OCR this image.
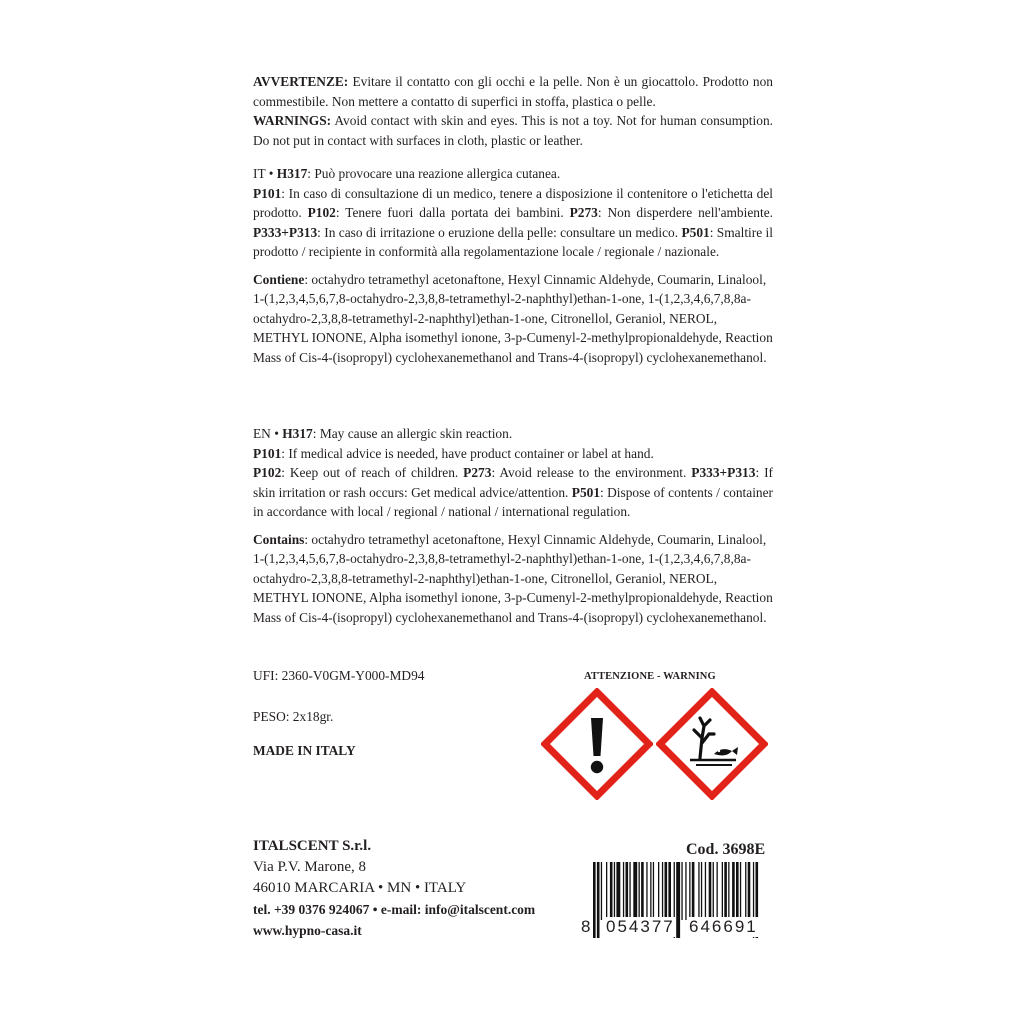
AVVERTENZE: Evitare il contatto con gli occhi e la pelle. Non è un giocattolo. Prodotto non commestibile. Non mettere a contatto di superfici in stoffa, plastica o pelle.

WARNINGS: Avoid contact with skin and eyes. This is not a toy. Not for human consumption. Do not put in contact with surfaces in cloth, plastic or leather.

IT • H317: Può provocare una reazione allergica cutanea.

P101: In caso di consultazione di un medico, tenere a disposizione il contenitore o l'etichetta del prodotto. P102: Tenere fuori dalla portata dei bambini. P273: Non disperdere nell'ambiente. P333+P313: In caso di irritazione o eruzione della pelle: consultare un medico. P501: Smaltire il prodotto / recipiente in conformità alla regolamentazione locale / regionale / nazionale.

Contiene: octahydro tetramethyl acetonaftone, Hexyl Cinnamic Aldehyde, Coumarin, Linalool, 1-(1,2,3,4,5,6,7,8-octahydro-2,3,8,8-tetramethyl-2-naphthyl)ethan-1-one, 1-(1,2,3,4,6,7,8,8a-octahydro-2,3,8,8-tetramethyl-2-naphthyl)ethan-1-one, Citronellol, Geraniol, NEROL, METHYL IONONE, Alpha isomethyl ionone, 3-p-Cumenyl-2-methylpropionaldehyde, Reaction Mass of Cis-4-(isopropyl) cyclohexanemethanol and Trans-4-(isopropyl) cyclohexanemethanol.

EN • H317: May cause an allergic skin reaction.

P101: If medical advice is needed, have product container or label at hand.

P102: Keep out of reach of children. P273: Avoid release to the environment. P333+P313: If skin irritation or rash occurs: Get medical advice/attention. P501: Dispose of contents / container in accordance with local / regional / national / international regulation.

Contains: octahydro tetramethyl acetonaftone, Hexyl Cinnamic Aldehyde, Coumarin, Linalool, 1-(1,2,3,4,5,6,7,8-octahydro-2,3,8,8-tetramethyl-2-naphthyl)ethan-1-one, 1-(1,2,3,4,6,7,8,8a-octahydro-2,3,8,8-tetramethyl-2-naphthyl)ethan-1-one, Citronellol, Geraniol, NEROL, METHYL IONONE, Alpha isomethyl ionone, 3-p-Cumenyl-2-methylpropionaldehyde, Reaction Mass of Cis-4-(isopropyl) cyclohexanemethanol and Trans-4-(isopropyl) cyclohexanemethanol.

UFI: 2360-V0GM-Y000-MD94
PESO: 2x18gr.
MADE IN ITALY
ATTENZIONE - WARNING
ITALSCENT S.r.l.
Via P.V. Marone, 8
46010 MARCARIA • MN • ITALY
tel. +39 0376 924067 • e-mail: info@italscent.com
www.hypno-casa.it
Cod. 3698E
8 054377 646691
